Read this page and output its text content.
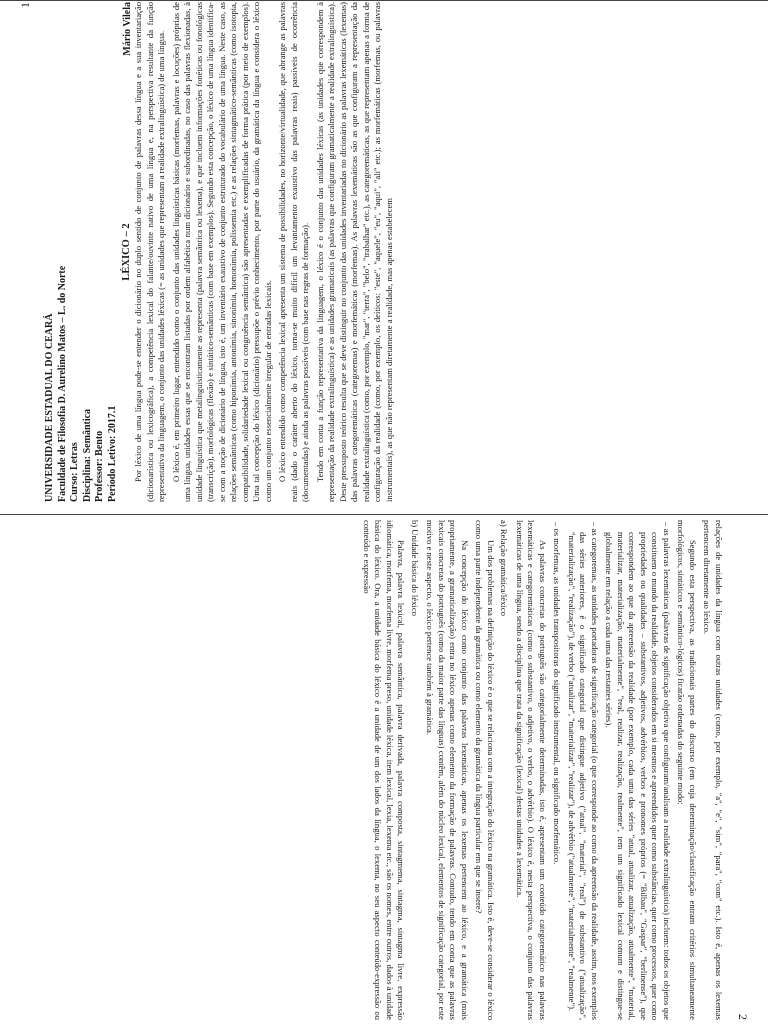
1
UNIVERSIDADE ESTADUAL DO CEARÁ Faculdade de Filosofia D. Aurelino Matos – L. do Norte Curso: Letras Disciplina: Semântica Professor: Bento Período Letivo: 2017.1
LÉXICO – 2
Mário Vilela Por léxico de uma língua pode-se entender o dicionário no duplo sentido de conjunto de palavras dessa língua e a sua inventariação (dicionarística ou lexicográfica), a competência lexical do falante/ouvinte nativo de uma língua e, na perspectiva resultante da função representativa da linguagem, o conjunto das unidades léxicas (= as unidades que representam a realidade extralinguística) de uma língua. O léxico é, em primeiro lugar, entendido como o conjunto das unidades linguísticas básicas (morfemas, palavras e locuções) próprias de uma língua, unidades essas que se encontram listadas por ordem alfabética num dicionário e subordinadas, no caso das palavras flexionadas, à unidade linguística que metalinguisticamente as representa (palavra semântica ou lexema), e que incluem informações fonéticas ou fonológicas (transcrição), morfológicas (flexão) e sintático-semânticas (com base em exemplos). Segundo esta concepção, o léxico de uma língua identifica-se com a noção de dicionário de língua, isto é, um inventário exaustivo de conjunto estruturado do vocabulário de uma língua. Neste caso, as relações semânticas (como hiponímia, antonímia, sinonímia, homonímia, polissemia etc.) e as relações sintagmático-semânticas (como isotopia, compatibilidade, solidariedade lexical ou congruência semântica) são apresentadas e exemplificadas de forma prática (por meio de exemplos). Uma tal concepção do léxico (dicionário) pressupõe o prévio conhecimento, por parte do usuário, da gramática da língua e considera o léxico como um conjunto essencialmente irregular de entradas lexicais. O léxico entendido como competência lexical apresenta um sistema de possibilidades, no horizonte/virtualidade, que abrange as palavras reais (dado o caráter aberto do léxico, torna-se muito difícil um levantamento exaustivo das palavras reais) passíveis de ocorrência (documentadas) e ainda as palavras possíveis (com base nas regras de formação). Tendo em conta a função representativa da linguagem, o léxico é o conjunto das unidades léxicas (as unidades que correspondem à representação da realidade extralinguística) e as unidades gramaticais (as palavras que configuram gramaticalmente a realidade extralinguística). Deste pressuposto teórico resulta que se deve distinguir no conjunto das unidades inventariadas no dicionário as palavras lexemáticas (lexemas) das palavras categoremáticas (categoremas) e morfemáticas (morfemas). As palavras lexemáticas são as que configuram a representação da realidade extralinguística (como, por exemplo, "mar", "terra", "belo", "trabalhar" etc.), as categoremáticas, as que representam apenas a forma de configuração da realidade (como, por exemplo, os deíticos: "este", "aquele", "eu", "aqui", "ali" etc.); as morfemáticas (morfemas, ou palavras instrumentais), as que não representam diretamente a realidade, mas apenas estabelecem

2

relações de unidades da língua com outras unidades (como, por exemplo, "a", "e", "sim", "para", "com" etc.). Isto é, apenas os lexemas pertencem diretamente ao léxico.

Segundo esta perspectiva, as tradicionais partes do discurso (em cuja determinação/classificação entram critérios simultaneamente morfológicos, sintáticos e semântico-lógicos) ficarão ordenadas do seguinte modo:

– as palavras lexemáticas (palavras de significação objetiva que configuram/analisam a realidade extralinguística) incluem: todos os objetos que constituem o mundo da realidade, objetos considerados em si mesmos e apreendidos quer como substâncias, quer como processos, quer como propriedades ou qualidades – substantivos, adjetivos, advérbios, verbos e pronomes próprios (= "Bilbau", "Gaspar", "berlinense"), que correspondem ao que da apreensão da realidade (por exemplo, cada uma das séries "atual, atualizar, atualização, atualmente", "material, materializar, materialização, materialmente", "real, realizar, realização, realmente", tem um significado lexical comum e distingue-se globalmente em relação a cada uma das restantes séries).
– as categoremas, as unidades portadoras de significação categorial (o que corresponde ao como da apreensão da realidade, assim, nos exemplos das séries anteriores, é o significado categorial que distingue adjetivo ("atual", "material", "real") de substantivo ("atualização", "materialização", "realização"), de verbo ("atualizar", "materializar", "realizar"), de advérbio ("atualmente", "materialmente", "realmente").
– os morfemas, as unidades transpositoras do significado instrumental, ou significado morfemático.

As palavras concretas do português são categorialmente determinadas, isto é, apresentam um conteúdo categoremático nas palavras lexemáticas e categoremáticas (como o substantivo, o adjetivo, o verbo, o advérbio). O léxico é, nesta perspectiva, o conjunto das palavras lexemáticas de uma língua, sendo a disciplina que trata da significação (lexical) destas unidades a lexemática.

a) Relação gramática/léxico

Um dos problemas na definição do léxico é o que se relaciona com a integração do léxico na gramática. Isto é, deve-se considerar o léxico como uma parte independente da gramática ou como elemento da gramática da língua particular em que se insere?

Na concepção do léxico como conjunto das palavras lexemáticas, apenas os lexemas pertencem ao léxico, e a gramática (mais propriamente, a gramaticalização) entra no léxico apenas como elemento da formação de palavras. Contudo, tendo em conta que as palavras lexicais concretas do português (como da maior parte das línguas) contêm, além do núcleo lexical, elementos de significação categorial, por este motivo e neste aspecto, o léxico pertence também à gramática.

b) Unidade básica do léxico

Palavra, palavra lexical, palavra semântica, palavra derivada, palavra composta, sintagmema, sintagma, sintagma livre, expressão idiomática, morfema, morfema livre, morfema preso, unidade léxica, item lexical, lexia, lexema etc., são os nomes, entre outros, dados à unidade básica do léxico. Ora, a unidade básica do léxico é a unidade de um dos lados da língua, o lexema, no seu aspecto conteúdo-expressão ou conteúdo e expressão
